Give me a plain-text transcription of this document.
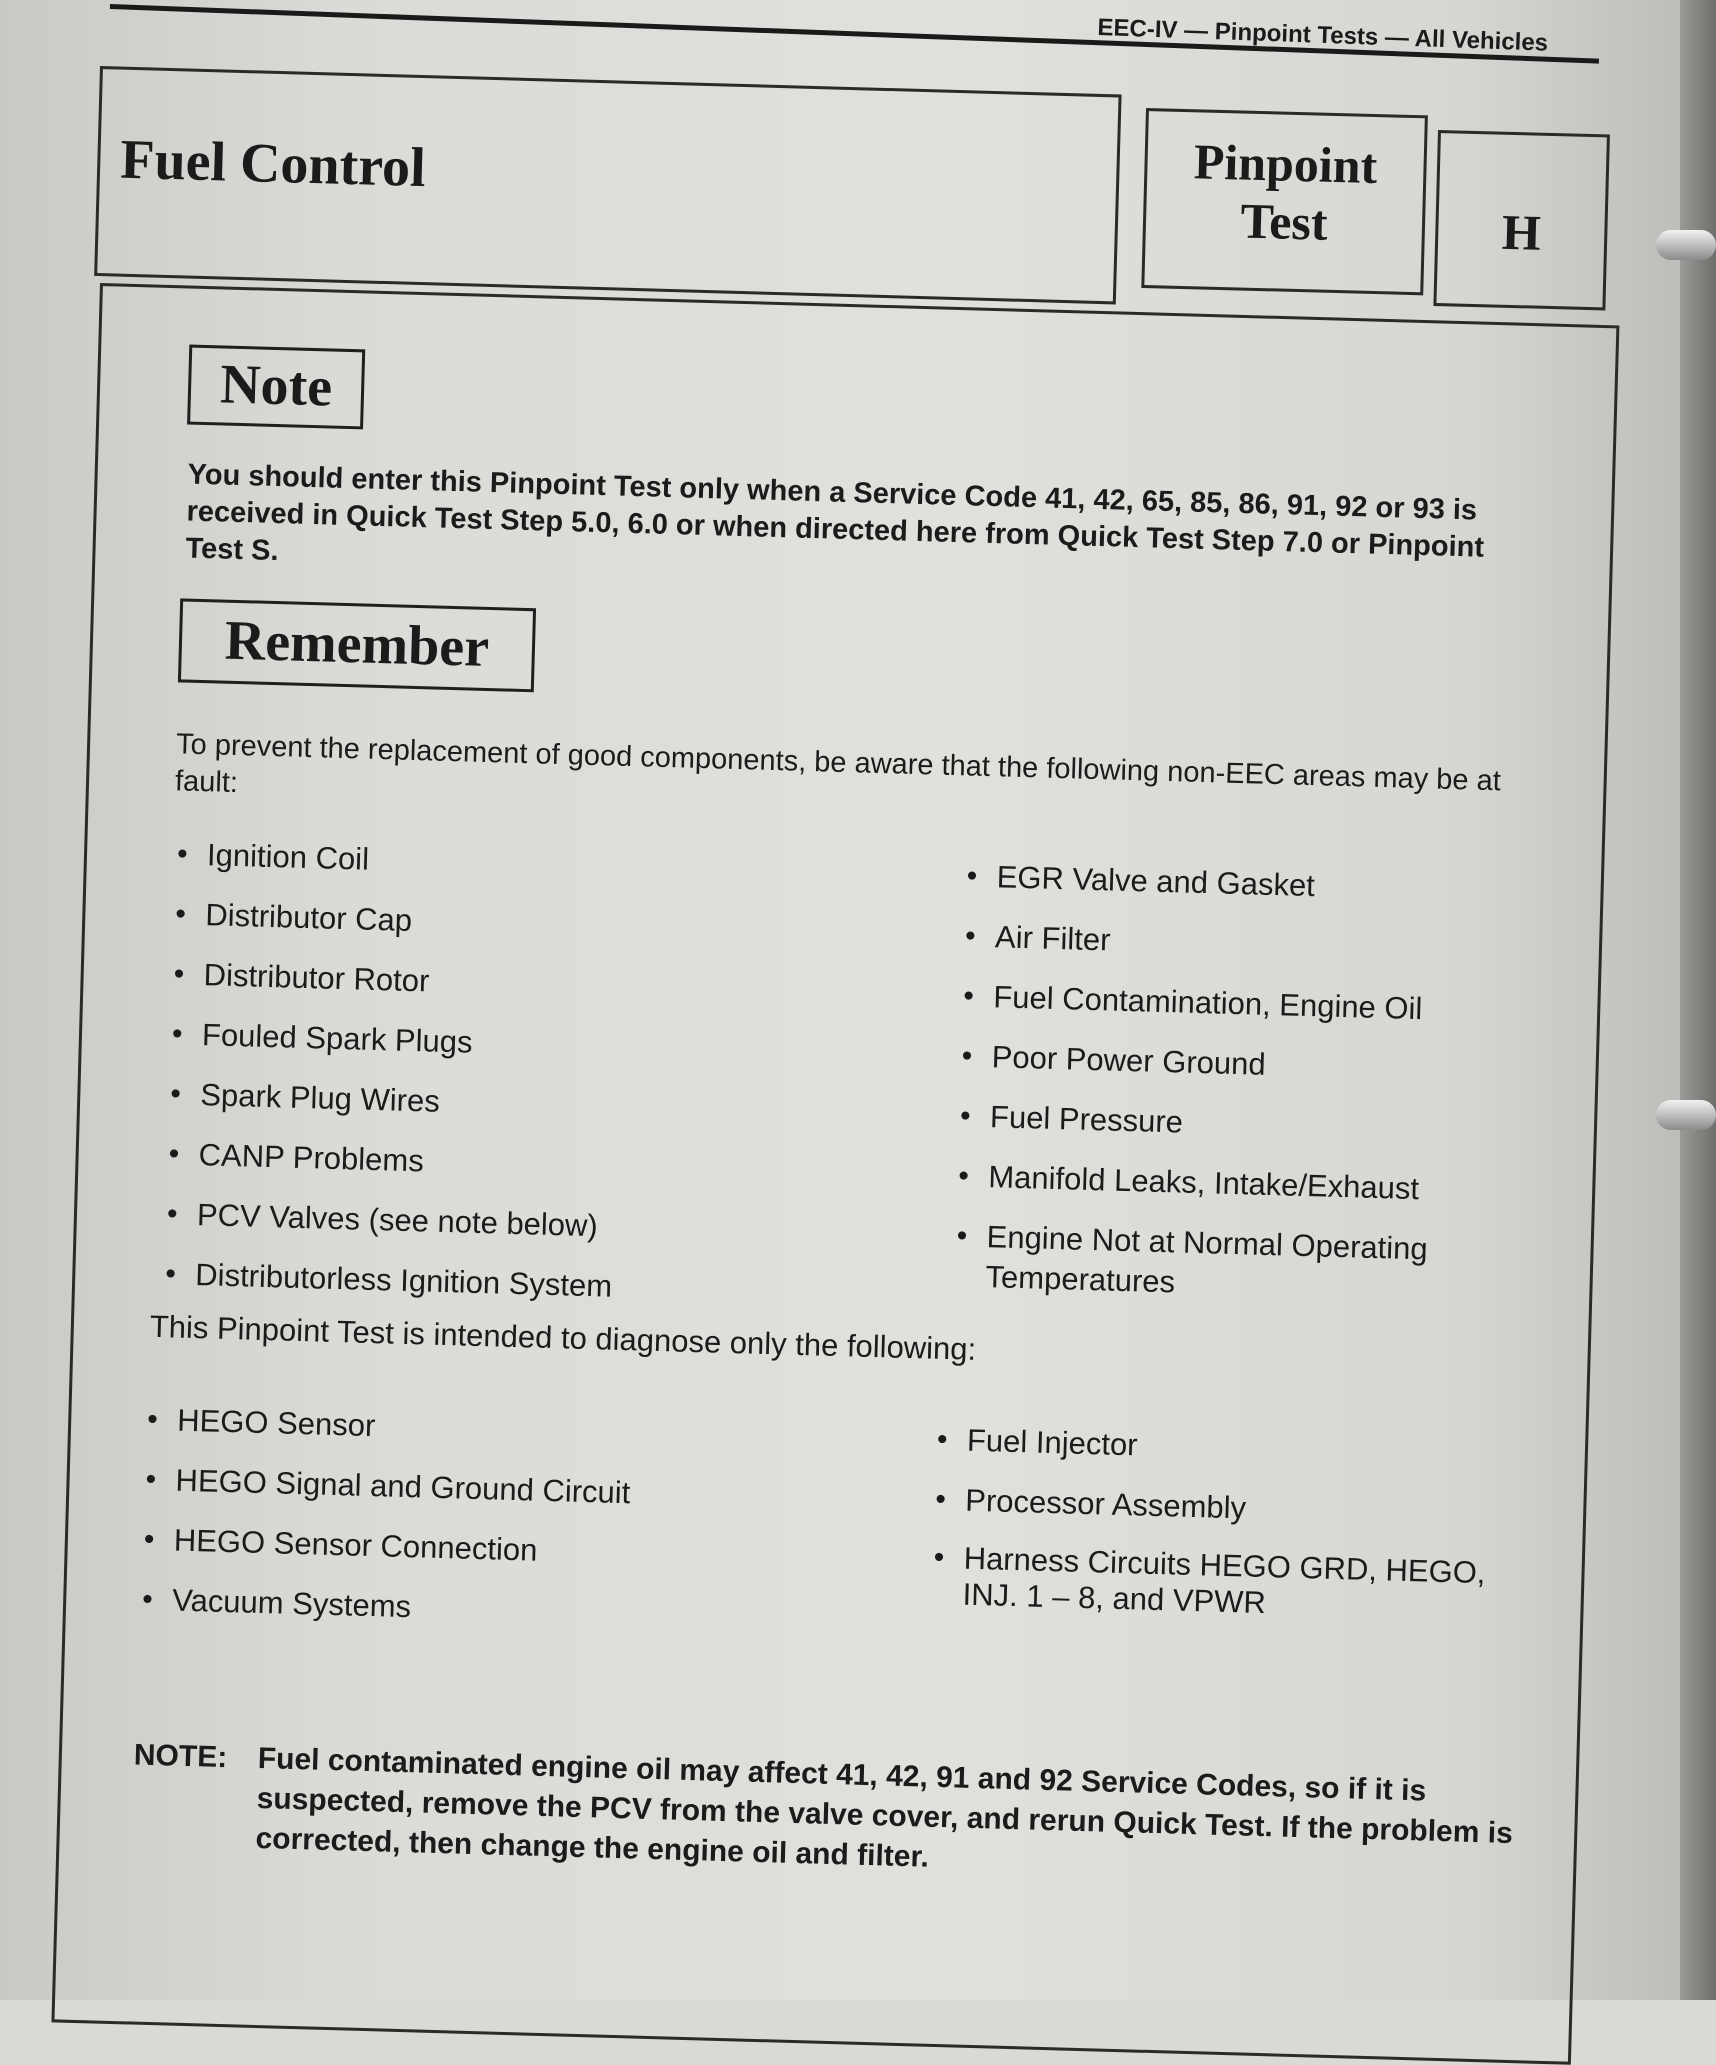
EEC-IV — Pinpoint Tests — All Vehicles
Fuel Control	Pinpoint
Test	H
Note
You should enter this Pinpoint Test only when a Service Code 41, 42, 65, 85, 86, 91, 92 or 93 is received in Quick Test Step 5.0, 6.0 or when directed here from Quick Test Step 7.0 or Pinpoint Test S.
Remember
To prevent the replacement of good components, be aware that the following non-EEC areas may be at fault:
• Ignition Coil
• Distributor Cap
• Distributor Rotor
• Fouled Spark Plugs
• Spark Plug Wires
• CANP Problems
• PCV Valves (see note below)
• Distributorless Ignition System
• EGR Valve and Gasket
• Air Filter
• Fuel Contamination, Engine Oil
• Poor Power Ground
• Fuel Pressure
• Manifold Leaks, Intake/Exhaust
• Engine Not at Normal Operating Temperatures
This Pinpoint Test is intended to diagnose only the following:
• HEGO Sensor
• HEGO Signal and Ground Circuit
• HEGO Sensor Connection
• Vacuum Systems
• Fuel Injector
• Processor Assembly
• Harness Circuits HEGO GRD, HEGO, INJ. 1 – 8, and VPWR
NOTE: Fuel contaminated engine oil may affect 41, 42, 91 and 92 Service Codes, so if it is suspected, remove the PCV from the valve cover, and rerun Quick Test. If the problem is corrected, then change the engine oil and filter.
